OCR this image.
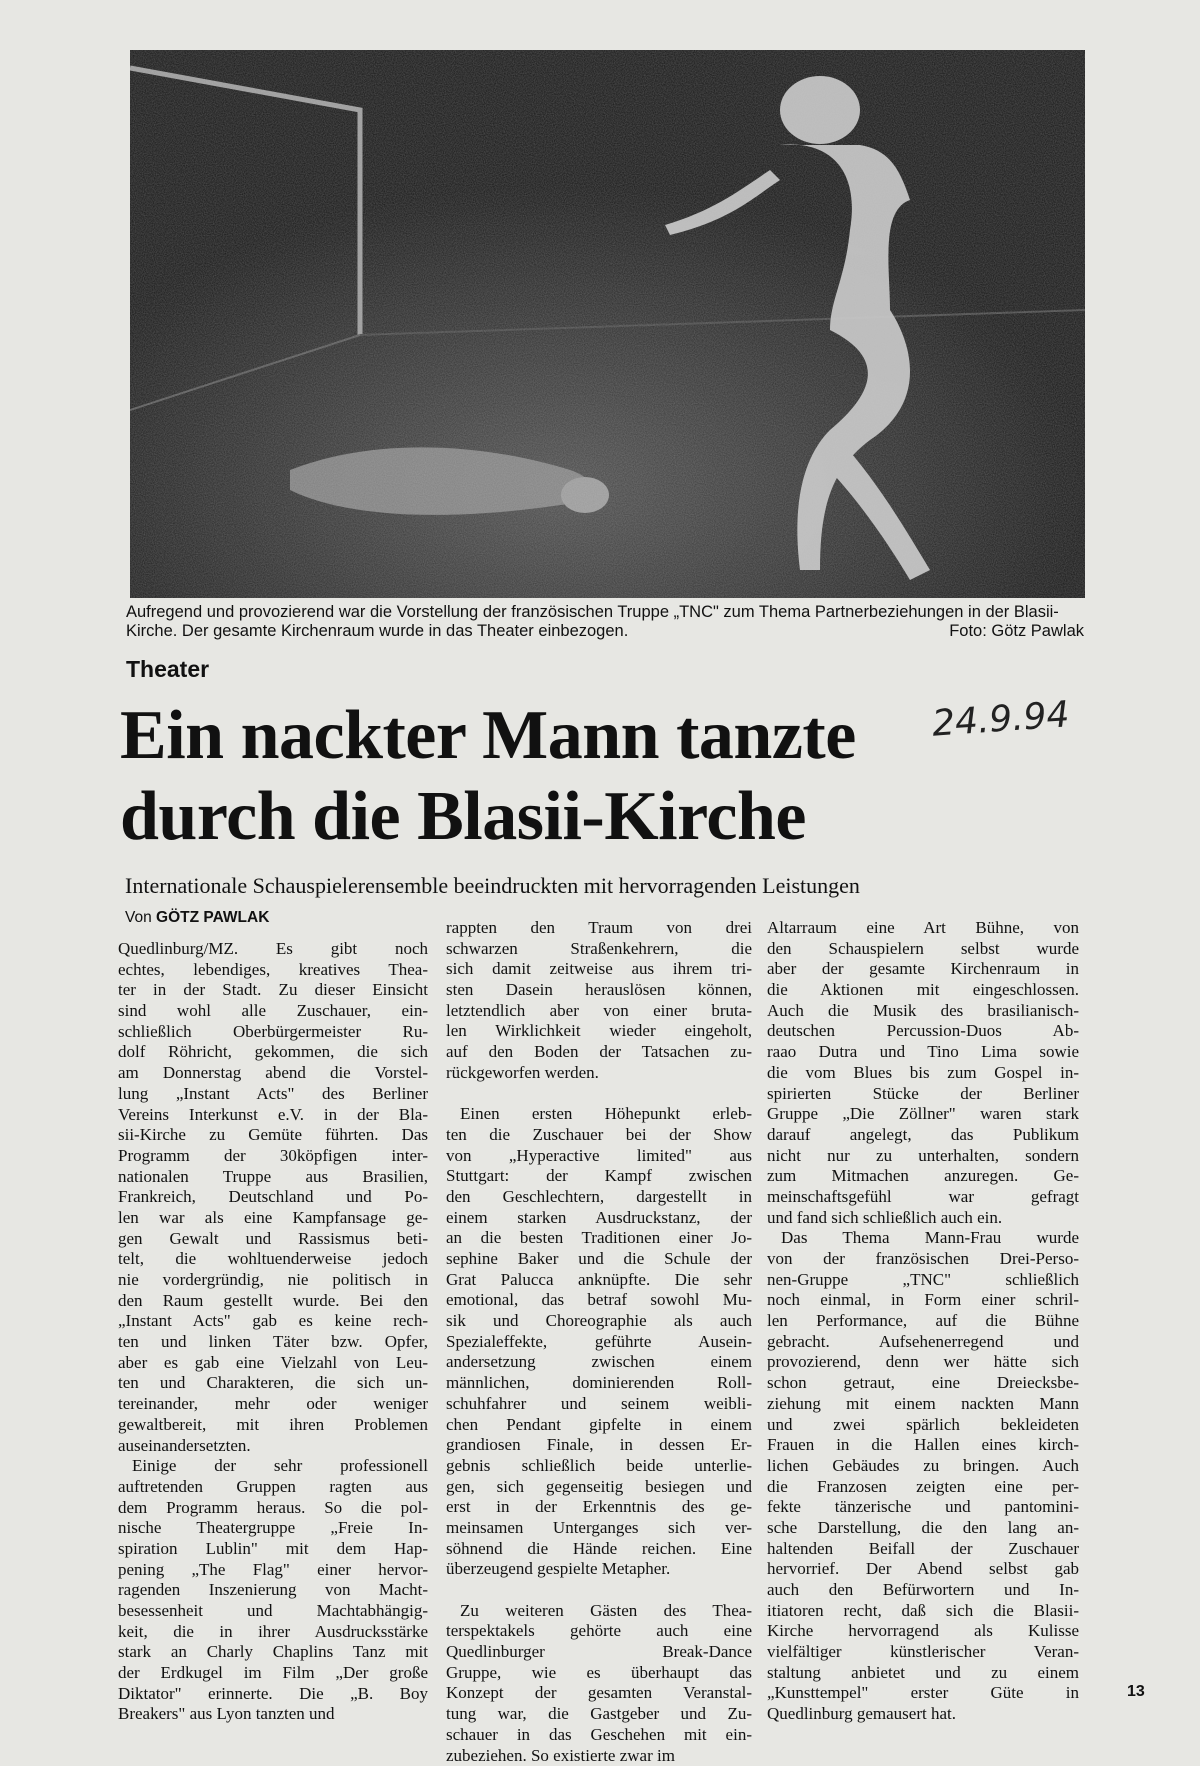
Aufregend und provozierend war die Vorstellung der französischen Truppe „TNC" zum Thema Partnerbeziehungen in der Blasii-Kirche. Der gesamte Kirchenraum wurde in das Theater einbezogen.	Foto: Götz Pawlak
Theater
Ein nackter Mann tanzte
durch die Blasii-Kirche
24.9.94
Internationale Schauspielerensemble beeindruckten mit hervorragenden Leistungen
Von GÖTZ PAWLAK
Quedlinburg/MZ. Es gibt noch
echtes, lebendiges, kreatives Thea-
ter in der Stadt. Zu dieser Einsicht
sind wohl alle Zuschauer, ein-
schließlich Oberbürgermeister Ru-
dolf Röhricht, gekommen, die sich
am Donnerstag abend die Vorstel-
lung „Instant Acts" des Berliner
Vereins Interkunst e.V. in der Bla-
sii-Kirche zu Gemüte führten. Das
Programm der 30köpfigen inter-
nationalen Truppe aus Brasilien,
Frankreich, Deutschland und Po-
len war als eine Kampfansage ge-
gen Gewalt und Rassismus beti-
telt, die wohltuenderweise jedoch
nie vordergründig, nie politisch in
den Raum gestellt wurde. Bei den
„Instant Acts" gab es keine rech-
ten und linken Täter bzw. Opfer,
aber es gab eine Vielzahl von Leu-
ten und Charakteren, die sich un-
tereinander, mehr oder weniger
gewaltbereit, mit ihren Problemen
auseinandersetzten.
Einige der sehr professionell
auftretenden Gruppen ragten aus
dem Programm heraus. So die pol-
nische Theatergruppe „Freie In-
spiration Lublin" mit dem Hap-
pening „The Flag" einer hervor-
ragenden Inszenierung von Macht-
besessenheit und Machtabhängig-
keit, die in ihrer Ausdrucksstärke
stark an Charly Chaplins Tanz mit
der Erdkugel im Film „Der große
Diktator" erinnerte. Die „B. Boy
Breakers" aus Lyon tanzten und
rappten den Traum von drei
schwarzen Straßenkehrern, die
sich damit zeitweise aus ihrem tri-
sten Dasein herauslösen können,
letztendlich aber von einer bruta-
len Wirklichkeit wieder eingeholt,
auf den Boden der Tatsachen zu-
rückgeworfen werden.

Einen ersten Höhepunkt erleb-
ten die Zuschauer bei der Show
von „Hyperactive limited" aus
Stuttgart: der Kampf zwischen
den Geschlechtern, dargestellt in
einem starken Ausdruckstanz, der
an die besten Traditionen einer Jo-
sephine Baker und die Schule der
Grat Palucca anknüpfte. Die sehr
emotional, das betraf sowohl Mu-
sik und Choreographie als auch
Spezialeffekte, geführte Ausein-
andersetzung zwischen einem
männlichen, dominierenden Roll-
schuhfahrer und seinem weibli-
chen Pendant gipfelte in einem
grandiosen Finale, in dessen Er-
gebnis schließlich beide unterlie-
gen, sich gegenseitig besiegen und
erst in der Erkenntnis des ge-
meinsamen Unterganges sich ver-
söhnend die Hände reichen. Eine
überzeugend gespielte Metapher.

Zu weiteren Gästen des Thea-
terspektakels gehörte auch eine
Quedlinburger Break-Dance
Gruppe, wie es überhaupt das
Konzept der gesamten Veranstal-
tung war, die Gastgeber und Zu-
schauer in das Geschehen mit ein-
zubeziehen. So existierte zwar im
Altarraum eine Art Bühne, von
den Schauspielern selbst wurde
aber der gesamte Kirchenraum in
die Aktionen mit eingeschlossen.
Auch die Musik des brasilianisch-
deutschen Percussion-Duos Ab-
raao Dutra und Tino Lima sowie
die vom Blues bis zum Gospel in-
spirierten Stücke der Berliner
Gruppe „Die Zöllner" waren stark
darauf angelegt, das Publikum
nicht nur zu unterhalten, sondern
zum Mitmachen anzuregen. Ge-
meinschaftsgefühl war gefragt
und fand sich schließlich auch ein.
Das Thema Mann-Frau wurde
von der französischen Drei-Perso-
nen-Gruppe „TNC" schließlich
noch einmal, in Form einer schril-
len Performance, auf die Bühne
gebracht. Aufsehenerregend und
provozierend, denn wer hätte sich
schon getraut, eine Dreiecksbe-
ziehung mit einem nackten Mann
und zwei spärlich bekleideten
Frauen in die Hallen eines kirch-
lichen Gebäudes zu bringen. Auch
die Franzosen zeigten eine per-
fekte tänzerische und pantomini-
sche Darstellung, die den lang an-
haltenden Beifall der Zuschauer
hervorrief. Der Abend selbst gab
auch den Befürwortern und In-
itiatoren recht, daß sich die Blasii-
Kirche hervorragend als Kulisse
vielfältiger künstlerischer Veran-
staltung anbietet und zu einem
„Kunsttempel" erster Güte in
Quedlinburg gemausert hat.
13
